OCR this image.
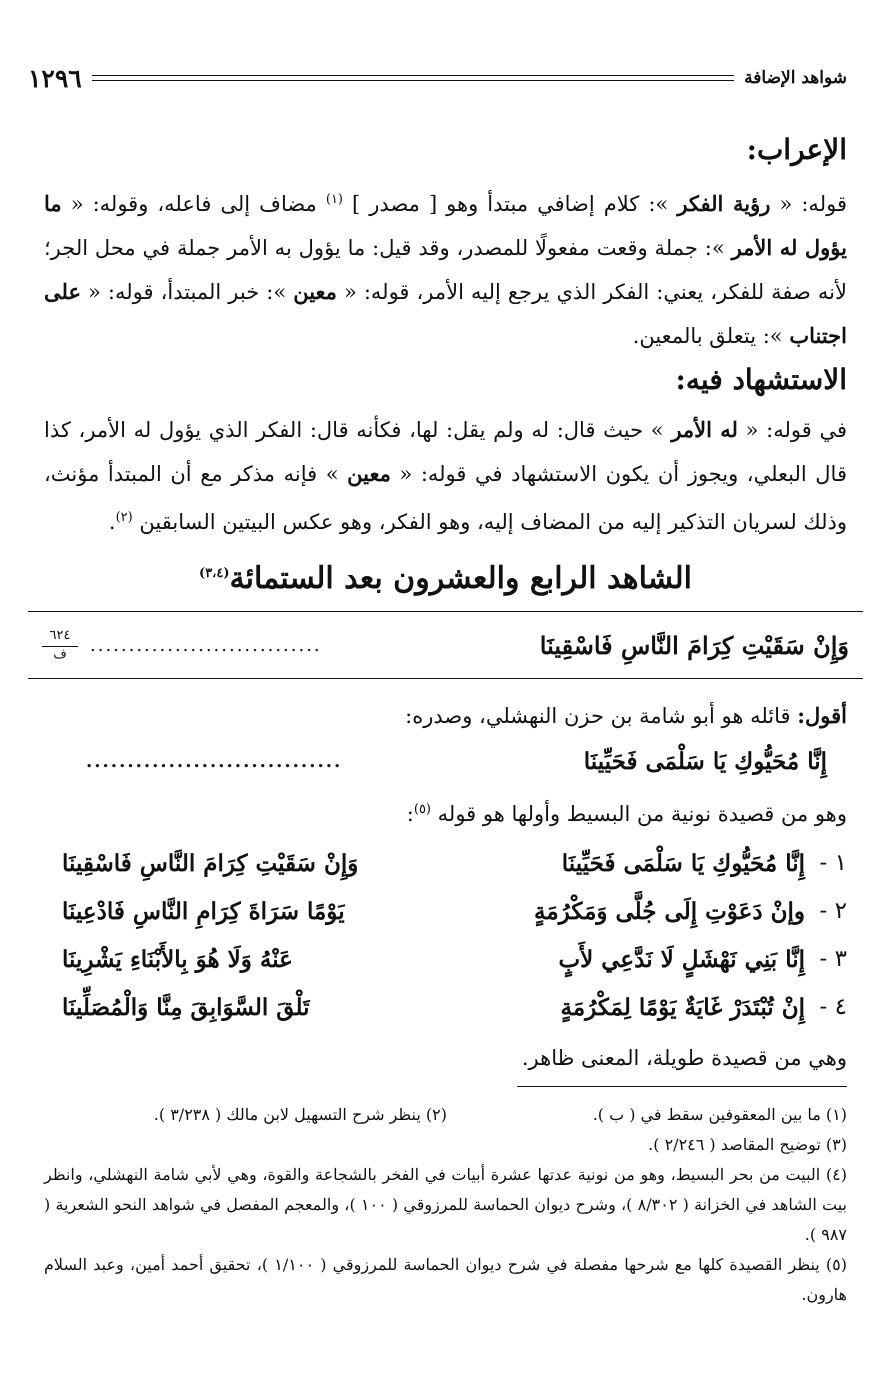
شواهد الإضافة
١٢٩٦
الإعراب:

قوله: « رؤية الفكر »: كلام إضافي مبتدأ وهو [ مصدر ] $^{(١)}$ مضاف إلى فاعله، وقوله: « ما يؤول له الأمر »: جملة وقعت مفعولًا للمصدر، وقد قيل: ما يؤول به الأمر جملة في محل الجر؛ لأنه صفة للفكر، يعني: الفكر الذي يرجع إليه الأمر، قوله: « معين »: خبر المبتدأ، قوله: « على اجتناب »: يتعلق بالمعين.

الاستشهاد فيه:

في قوله: « له الأمر » حيث قال: له ولم يقل: لها، فكأنه قال: الفكر الذي يؤول له الأمر، كذا قال البعلي، ويجوز أن يكون الاستشهاد في قوله: « معين » فإنه مذكر مع أن المبتدأ مؤنث، وذلك لسريان التذكير إليه من المضاف إليه، وهو الفكر، وهو عكس البيتين السابقين $^{(٢)}$.

الشاهد الرابع والعشرون بعد الستمائة$^{(٣،٤)}$
وَإِنْ سَقَيْتِ كِرَامَ النَّاسِ فَاسْقِينَا
..............................
٦٢٤
ف
أقول: قائله هو أبو شامة بن حزن النهشلي، وصدره:
إِنَّا مُحَيُّوكِ يَا سَلْمَى فَحَيِّينَا
...............................
وهو من قصيدة نونية من البسيط وأولها هو قوله $^{(٥)}$:
١ -
إِنَّا مُحَيُّوكِ يَا سَلْمَى فَحَيِّينَا
وَإِنْ سَقَيْتِ كِرَامَ النَّاسِ فَاسْقِينَا
٢ -
وإنْ دَعَوْتِ إِلَى جُلَّى وَمَكْرُمَةٍ
يَوْمًا سَرَاةَ كِرَامِ النَّاسِ فَادْعِينَا
٣ -
إِنَّا بَنِي نَهْشَلٍ لَا نَدَّعِي لأَبٍ
عَنْهُ وَلَا هُوَ بِالأَبْنَاءِ يَشْرِينَا
٤ -
إِنْ تُبْتَدَرْ غَايَةٌ يَوْمًا لِمَكْرُمَةٍ
تَلْقَ السَّوَابِقَ مِنَّا وَالْمُصَلِّينَا
وهي من قصيدة طويلة، المعنى ظاهر.
(١) ما بين المعقوفين سقط في ( ب ).
(٢) ينظر شرح التسهيل لابن مالك ( ٣/٢٣٨ ).

(٣) توضيح المقاصد ( ٢/٢٤٦ ).

(٤) البيت من بحر البسيط، وهو من نونية عدتها عشرة أبيات في الفخر بالشجاعة والقوة، وهي لأبي شامة النهشلي، وانظر بيت الشاهد في الخزانة ( ٨/٣٠٢ )، وشرح ديوان الحماسة للمرزوقي ( ١٠٠ )، والمعجم المفصل في شواهد النحو الشعرية ( ٩٨٧ ).

(٥) ينظر القصيدة كلها مع شرحها مفصلة في شرح ديوان الحماسة للمرزوقي ( ١/١٠٠ )، تحقيق أحمد أمين، وعبد السلام هارون.
